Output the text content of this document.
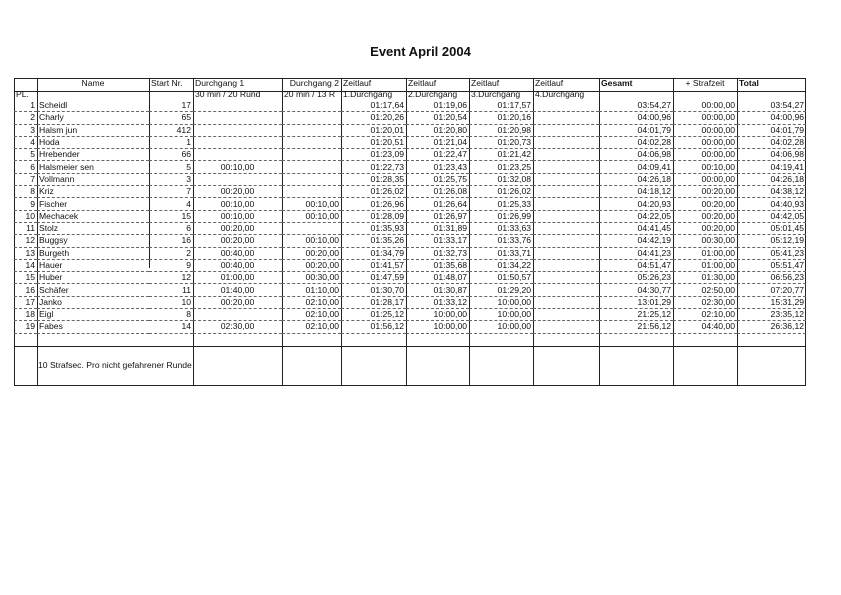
Event April 2004
	Name	Start Nr.	Durchgang 1	Durchgang 2	Zeitlauf	Zeitlauf	Zeitlauf	Zeitlauf	Gesamt	+ Strafzeit	Total
PL.			30 min / 20 Rund	20 min / 13 R	1.Durchgang	2.Durchgang	3.Durchgang	4.Durchgang			
1	Scheidl	17			01:17,64	01:19,06	01:17,57		03:54,27	00:00,00	03:54,27
2	Charly	65			01:20,26	01:20,54	01:20,16		04:00,96	00:00,00	04:00,96
3	Halsm jun	412			01:20,01	01:20,80	01:20,98		04:01,79	00:00,00	04:01,79
4	Hoda	1			01:20,51	01:21,04	01:20,73		04:02,28	00:00,00	04:02,28
5	Hrebender	66			01:23,09	01:22,47	01:21,42		04:06,98	00:00,00	04:06,98
6	Halsmeier sen	5	00:10,00		01:22,73	01:23,43	01:23,25		04:09,41	00:10,00	04:19,41
7	Vollmann	3			01:28,35	01:25,75	01:32,08		04:26,18	00:00,00	04:26,18
8	Kriz	7	00:20,00		01:26,02	01:26,08	01:26,02		04:18,12	00:20,00	04:38,12
9	Fischer	4	00:10,00	00:10,00	01:26,96	01:26,64	01:25,33		04:20,93	00:20,00	04:40,93
10	Mechacek	15	00:10,00	00:10,00	01:28,09	01:26,97	01:26,99		04:22,05	00:20,00	04:42,05
11	Stolz	6	00:20,00		01:35,93	01:31,89	01:33,63		04:41,45	00:20,00	05:01,45
12	Buggsy	16	00:20,00	00:10,00	01:35,26	01:33,17	01:33,76		04:42,19	00:30,00	05:12,19
13	Burgeth	2	00:40,00	00:20,00	01:34,79	01:32,73	01:33,71		04:41,23	01:00,00	05:41,23
14	Hauer	9	00:40,00	00:20,00	01:41,57	01:35,68	01:34,22		04:51,47	01:00,00	05:51,47
15	Huber	12	01:00,00	00:30,00	01:47,59	01:48,07	01:50,57		05:26,23	01:30,00	06:56,23
16	Schäfer	11	01:40,00	01:10,00	01:30,70	01:30,87	01:29,20		04:30,77	02:50,00	07:20,77
17	Janko	10	00:20,00	02:10,00	01:28,17	01:33,12	10:00,00		13:01,29	02:30,00	15:31,29
18	Eigl	8		02:10,00	01:25,12	10:00,00	10:00,00		21:25,12	02:10,00	23:35,12
19	Fabes	14	02:30,00	02:10,00	01:56,12	10:00,00	10:00,00		21:56,12	04:40,00	26:36,12
10 Strafsec. Pro nicht gefahrener Runde
